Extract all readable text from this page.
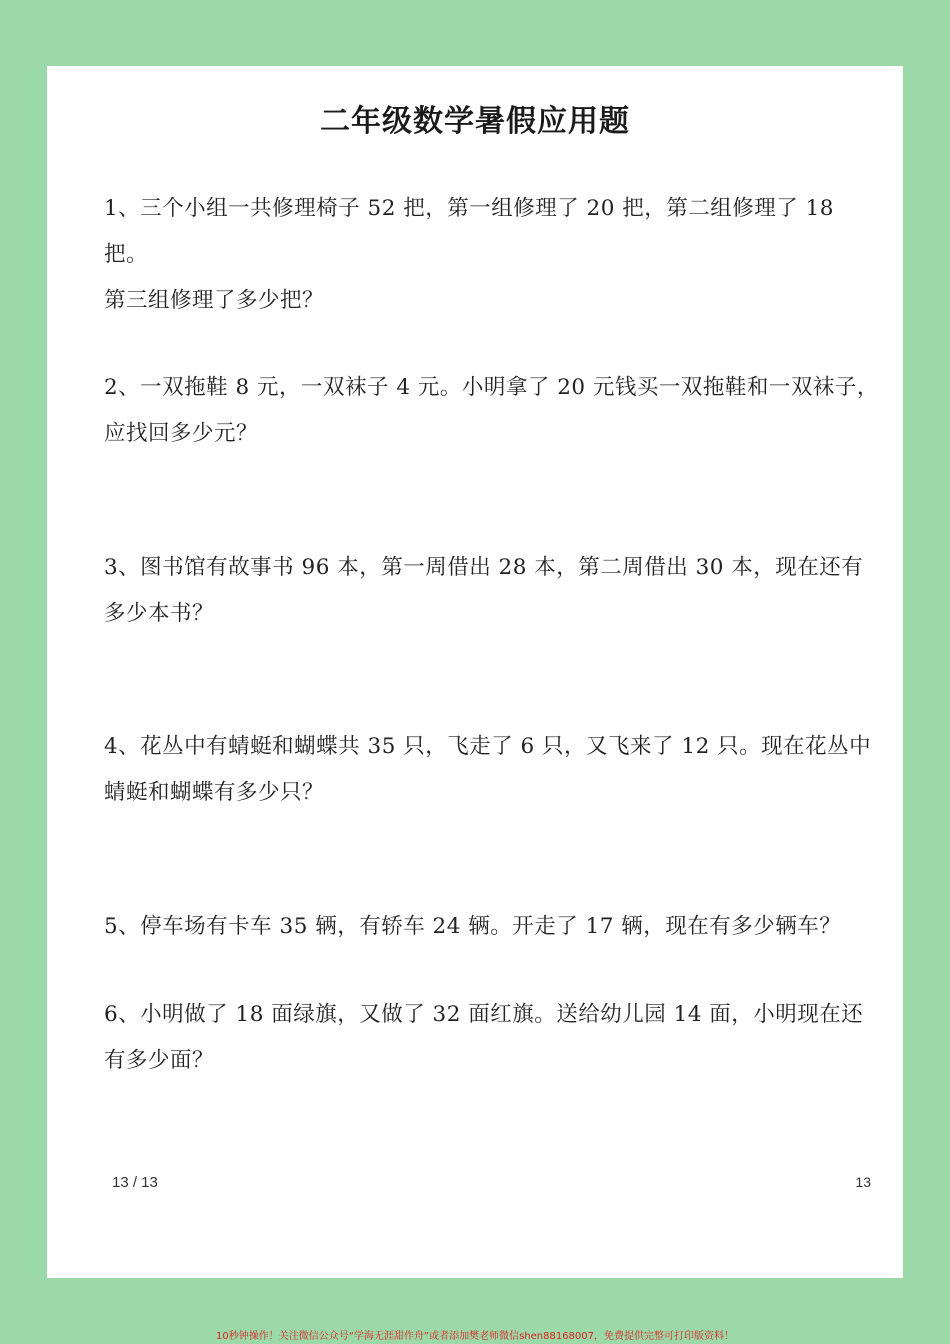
二年级数学暑假应用题
1、三个小组一共修理椅子 52 把，第一组修理了 20 把，第二组修理了 18 把。
第三组修理了多少把？
2、一双拖鞋 8 元，一双袜子 4 元。小明拿了 20 元钱买一双拖鞋和一双袜子，
应找回多少元？
3、图书馆有故事书 96 本，第一周借出 28 本，第二周借出 30 本，现在还有
多少本书？
4、花丛中有蜻蜓和蝴蝶共 35 只，飞走了 6 只，又飞来了 12 只。现在花丛中
蜻蜓和蝴蝶有多少只？
5、停车场有卡车 35 辆，有轿车 24 辆。开走了 17 辆，现在有多少辆车？
6、小明做了 18 面绿旗，又做了 32 面红旗。送给幼儿园 14 面，小明现在还
有多少面？
13 / 13	13
10秒钟操作！关注微信公众号“学海无涯甜作舟”或者添加樊老师微信shen88168007，免费提供完整可打印版资料！
